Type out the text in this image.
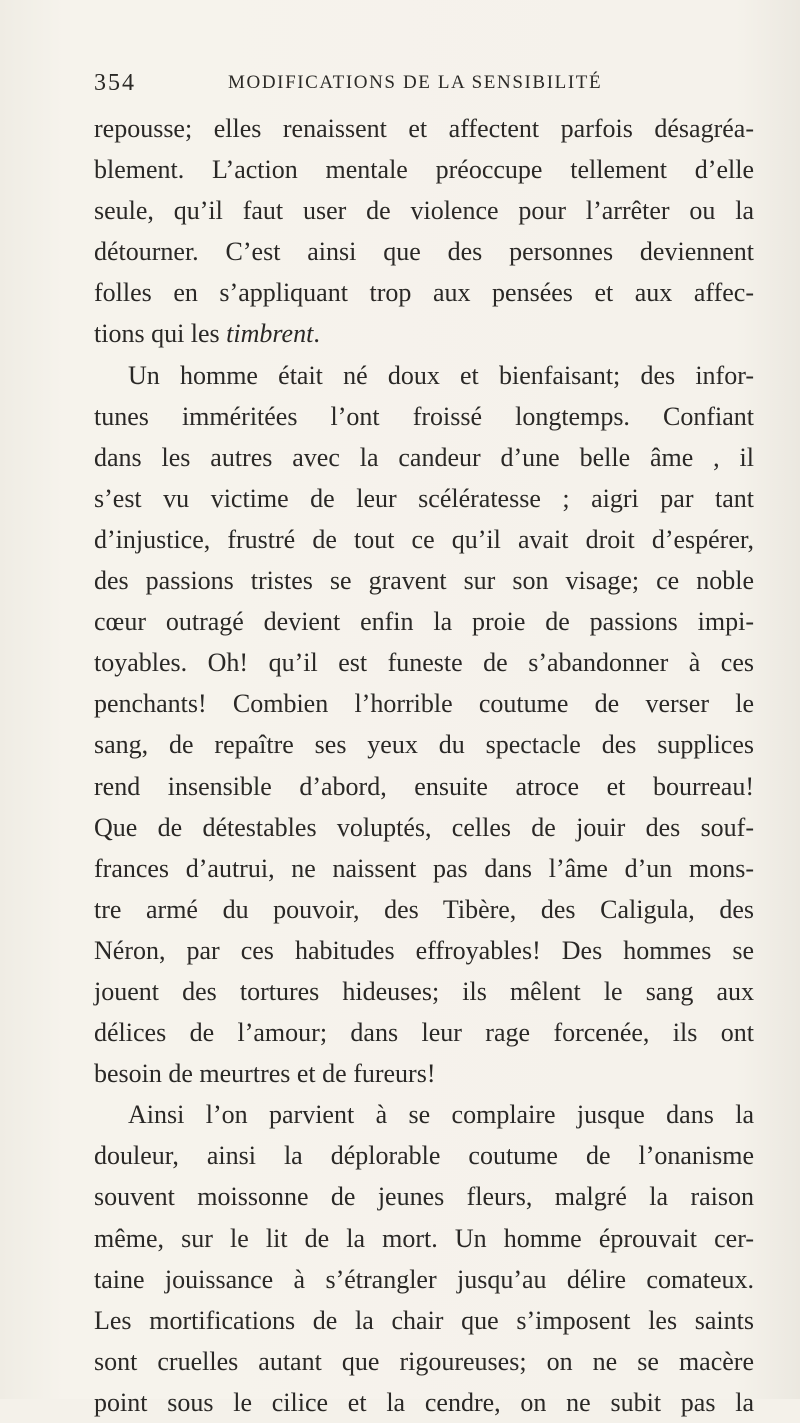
354	MODIFICATIONS DE LA SENSIBILITÉ
repousse; elles renaissent et affectent parfois désagréa-
blement. L’action mentale préoccupe tellement d’elle
seule, qu’il faut user de violence pour l’arrêter ou la
détourner. C’est ainsi que des personnes deviennent
folles en s’appliquant trop aux pensées et aux affec-
tions qui les timbrent.
Un homme était né doux et bienfaisant; des infor-
tunes imméritées l’ont froissé longtemps. Confiant
dans les autres avec la candeur d’une belle âme , il
s’est vu victime de leur scélératesse ; aigri par tant
d’injustice, frustré de tout ce qu’il avait droit d’espérer,
des passions tristes se gravent sur son visage; ce noble
cœur outragé devient enfin la proie de passions impi-
toyables. Oh! qu’il est funeste de s’abandonner à ces
penchants! Combien l’horrible coutume de verser le
sang, de repaître ses yeux du spectacle des supplices
rend insensible d’abord, ensuite atroce et bourreau!
Que de détestables voluptés, celles de jouir des souf-
frances d’autrui, ne naissent pas dans l’âme d’un mons-
tre armé du pouvoir, des Tibère, des Caligula, des
Néron, par ces habitudes effroyables! Des hommes se
jouent des tortures hideuses; ils mêlent le sang aux
délices de l’amour; dans leur rage forcenée, ils ont
besoin de meurtres et de fureurs!
Ainsi l’on parvient à se complaire jusque dans la
douleur, ainsi la déplorable coutume de l’onanisme
souvent moissonne de jeunes fleurs, malgré la raison
même, sur le lit de la mort. Un homme éprouvait cer-
taine jouissance à s’étrangler jusqu’au délire comateux.
Les mortifications de la chair que s’imposent les saints
sont cruelles autant que rigoureuses; on ne se macère
point sous le cilice et la cendre, on ne subit pas la
